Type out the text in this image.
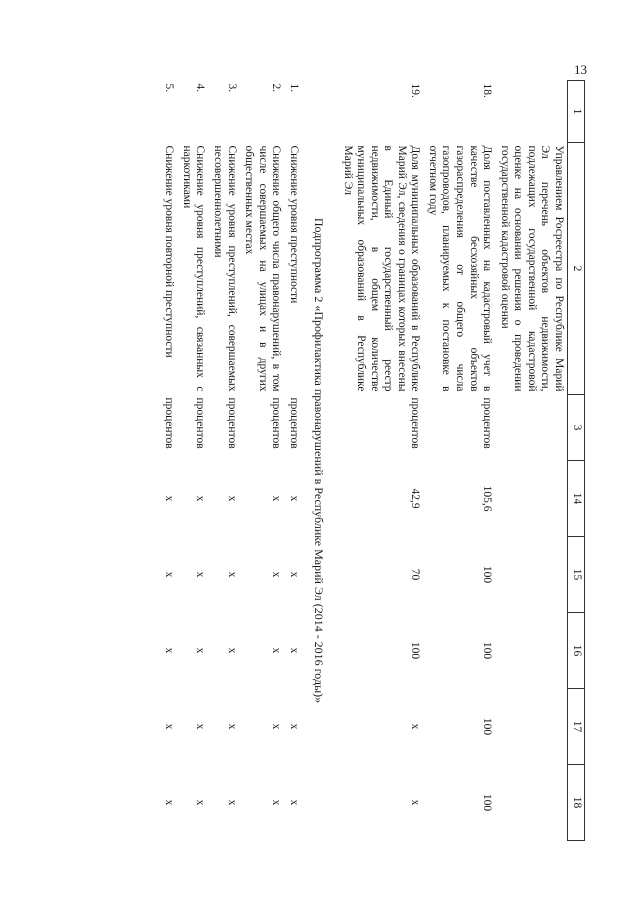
13
1	2	3	14	15	16	17	18
	Управлением Росреестра по Республике Марий Эл перечень объектов недвижимости, подлежащих государственной кадастровой оценке на основании решения о проведении государственной кадастровой оценки						
18.	Доля поставленных на кадастровый учет в качестве бесхозяйных объектов газораспределения от общего числа газопроводов, планируемых к постановке в отчетном году	процентов	105,6	100	100	100	100
19.	Доля муниципальных образований в Республике Марий Эл, сведения о границах которых внесены в Единый государственный реестр недвижимости, в общем количестве муниципальных образований в Республике Марий Эл	процентов	42,9	70	100	x	x
Подпрограмма 2 «Профилактика правонарушений в Республике Марий Эл (2014 - 2016 годы)»							
1.	Снижение уровня преступности	процентов	x	x	x	x	x
2.	Снижение общего числа правонарушений, в том числе совершаемых на улицах и в других общественных местах	процентов	x	x	x	x	x
3.	Снижение уровня преступлений, совершаемых несовершеннолетними	процентов	x	x	x	x	x
4.	Снижение уровня преступлений, связанных с наркотиками	процентов	x	x	x	x	x
5.	Снижение уровня повторной преступности	процентов	x	x	x	x	x
